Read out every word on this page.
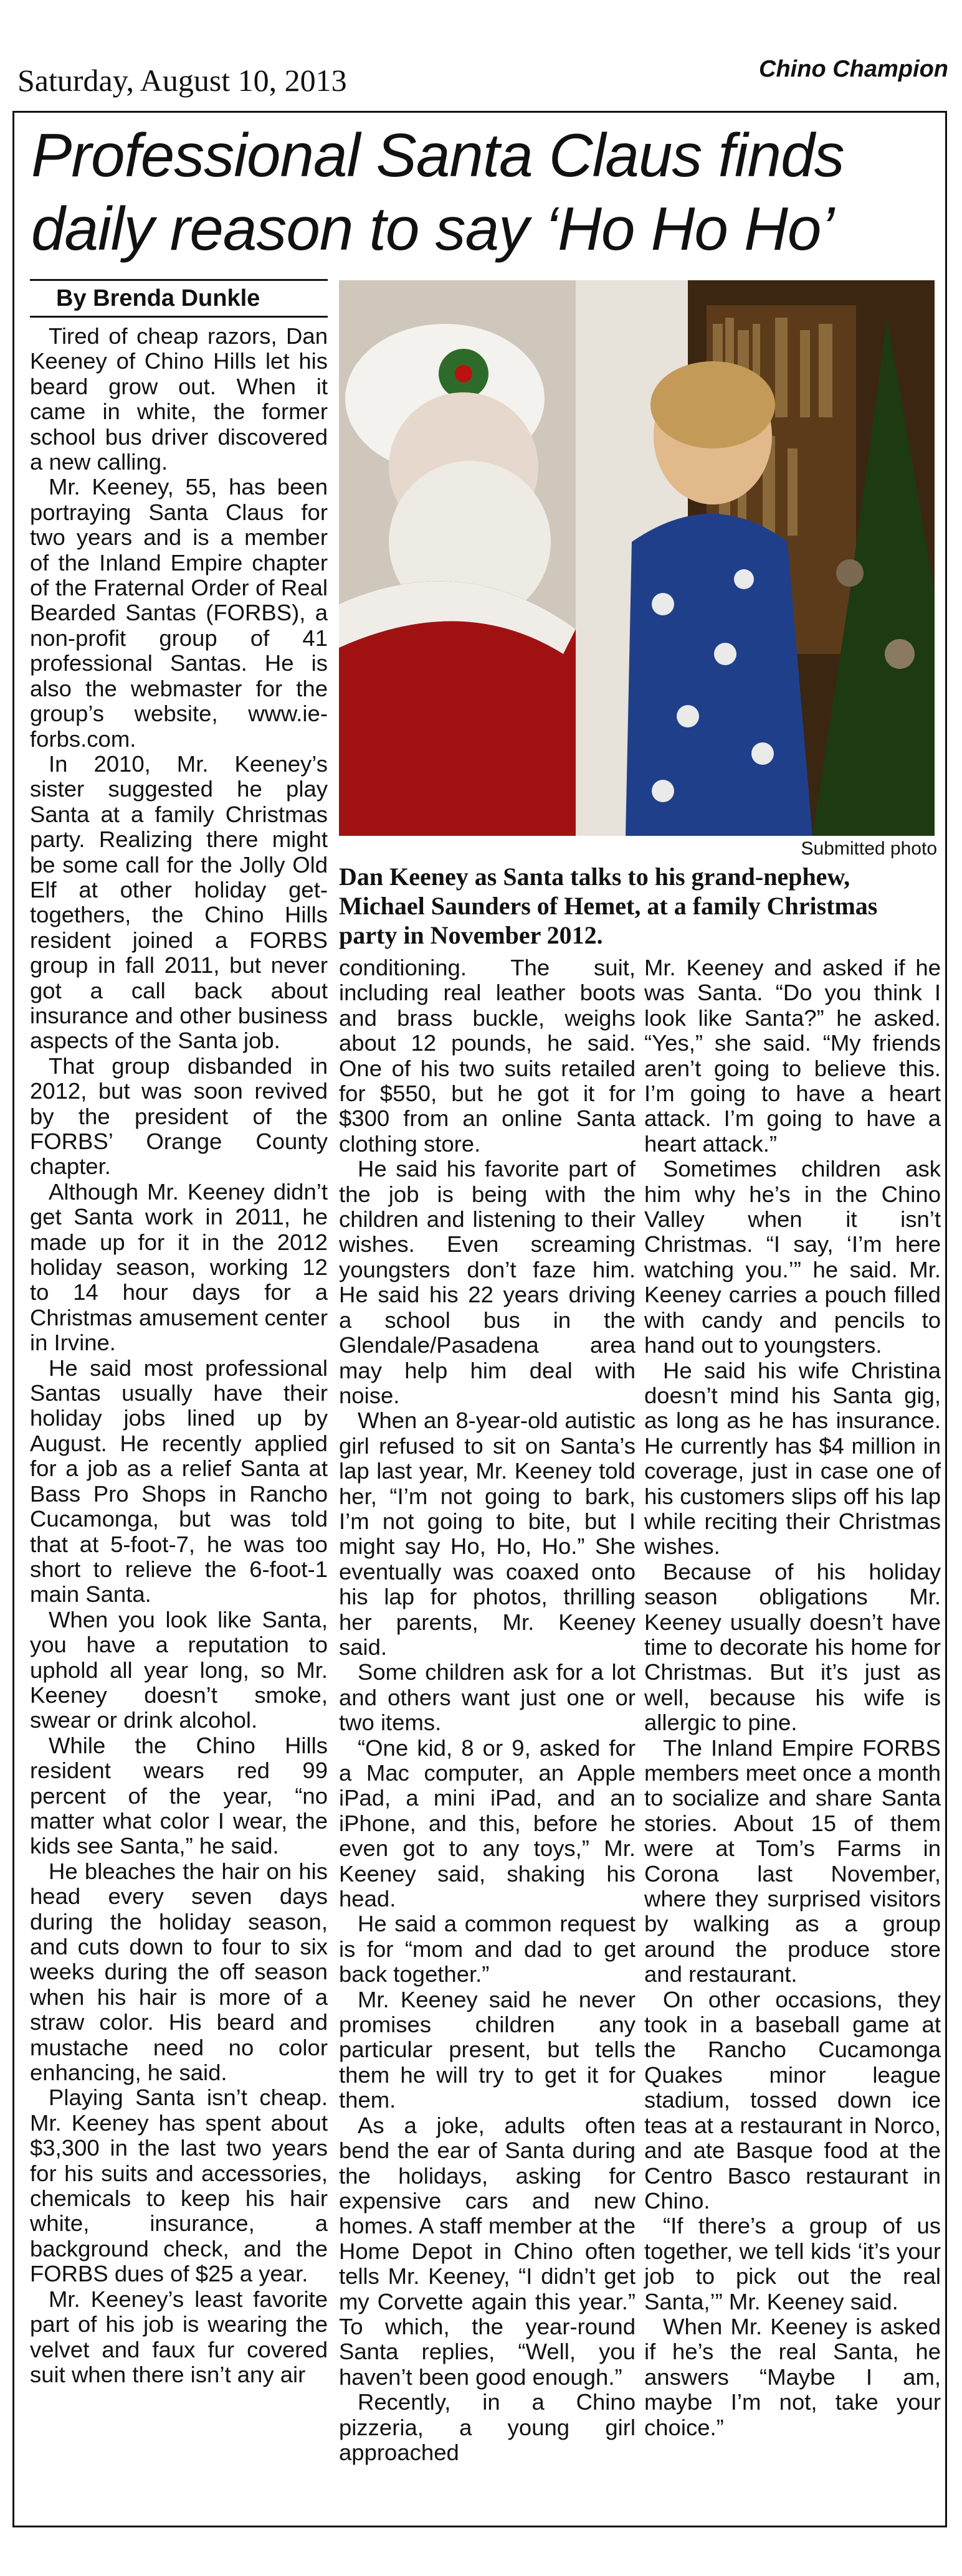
Saturday, August 10, 2013	Chino Champion
Professional Santa Claus finds daily reason to say ‘Ho Ho Ho’
By Brenda Dunkle
Submitted photo
Dan Keeney as Santa talks to his grand-nephew, Michael Saunders of Hemet, at a family Christmas party in November 2012.

Tired of cheap razors, Dan Keeney of Chino Hills let his beard grow out. When it came in white, the former school bus driver discovered a new calling.

Mr. Keeney, 55, has been portraying Santa Claus for two years and is a member of the Inland Empire chapter of the Fraternal Order of Real Bearded Santas (FORBS), a non-profit group of 41 professional Santas. He is also the webmaster for the group’s website, www.ie-forbs.com.

In 2010, Mr. Keeney’s sister suggested he play Santa at a family Christmas party. Realizing there might be some call for the Jolly Old Elf at other holiday get-togethers, the Chino Hills resident joined a FORBS group in fall 2011, but never got a call back about insurance and other business aspects of the Santa job.

That group disbanded in 2012, but was soon revived by the president of the FORBS’ Orange County chapter.

Although Mr. Keeney didn’t get Santa work in 2011, he made up for it in the 2012 holiday season, working 12 to 14 hour days for a Christmas amusement center in Irvine.

He said most professional Santas usually have their holiday jobs lined up by August. He recently applied for a job as a relief Santa at Bass Pro Shops in Rancho Cucamonga, but was told that at 5-foot-7, he was too short to relieve the 6-foot-1 main Santa.

When you look like Santa, you have a reputation to uphold all year long, so Mr. Keeney doesn’t smoke, swear or drink alcohol.

While the Chino Hills resident wears red 99 percent of the year, “no matter what color I wear, the kids see Santa,” he said.

He bleaches the hair on his head every seven days during the holiday season, and cuts down to four to six weeks during the off season when his hair is more of a straw color. His beard and mustache need no color enhancing, he said.

Playing Santa isn’t cheap. Mr. Keeney has spent about $3,300 in the last two years for his suits and accessories, chemicals to keep his hair white, insurance, a background check, and the FORBS dues of $25 a year.

Mr. Keeney’s least favorite part of his job is wearing the velvet and faux fur covered suit when there isn’t any air

conditioning. The suit, including real leather boots and brass buckle, weighs about 12 pounds, he said. One of his two suits retailed for $550, but he got it for $300 from an online Santa clothing store.

He said his favorite part of the job is being with the children and listening to their wishes. Even screaming youngsters don’t faze him. He said his 22 years driving a school bus in the Glendale/Pasadena area may help him deal with noise.

When an 8-year-old autistic girl refused to sit on Santa’s lap last year, Mr. Keeney told her, “I’m not going to bark, I’m not going to bite, but I might say Ho, Ho, Ho.” She eventually was coaxed onto his lap for photos, thrilling her parents, Mr. Keeney said.

Some children ask for a lot and others want just one or two items.

“One kid, 8 or 9, asked for a Mac computer, an Apple iPad, a mini iPad, and an iPhone, and this, before he even got to any toys,” Mr. Keeney said, shaking his head.

He said a common request is for “mom and dad to get back together.”

Mr. Keeney said he never promises children any particular present, but tells them he will try to get it for them.

As a joke, adults often bend the ear of Santa during the holidays, asking for expensive cars and new homes. A staff member at the Home Depot in Chino often tells Mr. Keeney, “I didn’t get my Corvette again this year.” To which, the year-round Santa replies, “Well, you haven’t been good enough.”

Recently, in a Chino pizzeria, a young girl approached

Mr. Keeney and asked if he was Santa. “Do you think I look like Santa?” he asked. “Yes,” she said. “My friends aren’t going to believe this. I’m going to have a heart attack. I’m going to have a heart attack.”

Sometimes children ask him why he’s in the Chino Valley when it isn’t Christmas. “I say, ‘I’m here watching you.’” he said. Mr. Keeney carries a pouch filled with candy and pencils to hand out to youngsters.

He said his wife Christina doesn’t mind his Santa gig, as long as he has insurance. He currently has $4 million in coverage, just in case one of his customers slips off his lap while reciting their Christmas wishes.

Because of his holiday season obligations Mr. Keeney usually doesn’t have time to decorate his home for Christmas. But it’s just as well, because his wife is allergic to pine.

The Inland Empire FORBS members meet once a month to socialize and share Santa stories. About 15 of them were at Tom’s Farms in Corona last November, where they surprised visitors by walking as a group around the produce store and restaurant.

On other occasions, they took in a baseball game at the Rancho Cucamonga Quakes minor league stadium, tossed down ice teas at a restaurant in Norco, and ate Basque food at the Centro Basco restaurant in Chino.

“If there’s a group of us together, we tell kids ‘it’s your job to pick out the real Santa,’” Mr. Keeney said.

When Mr. Keeney is asked if he’s the real Santa, he answers “Maybe I am, maybe I’m not, take your choice.”
